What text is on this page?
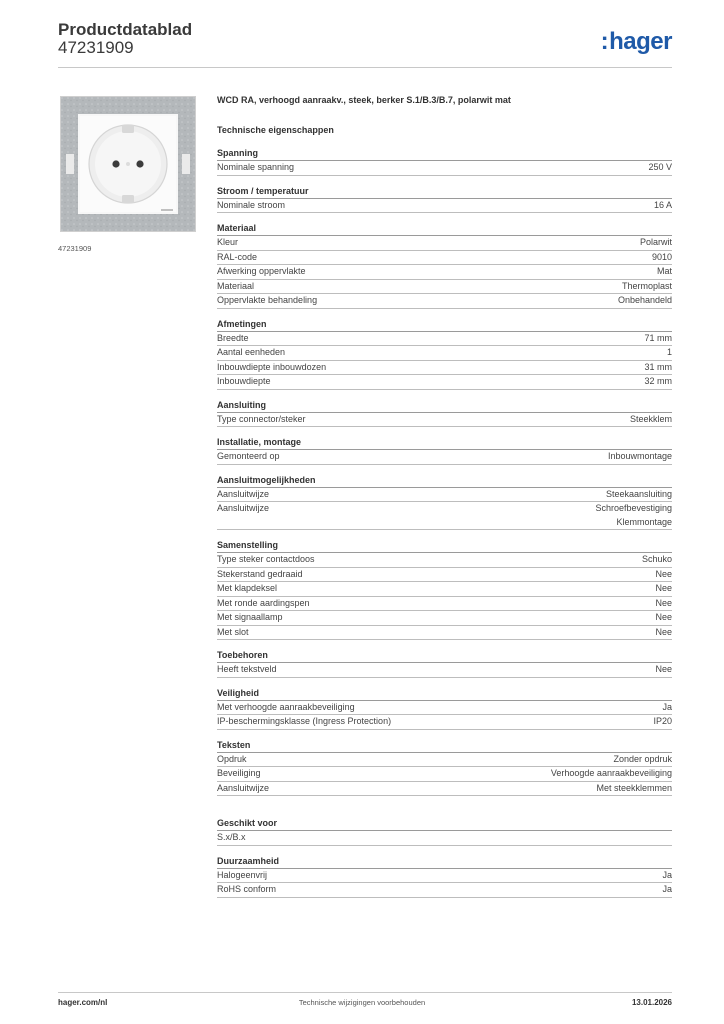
Productdatablad
47231909	:hager
47231909
WCD RA, verhoogd aanraakv., steek, berker S.1/B.3/B.7, polarwit mat
Technische eigenschappen
Spanning
Nominale spanning	250 V
Stroom / temperatuur
Nominale stroom	16 A
Materiaal
Kleur	Polarwit
RAL-code	9010
Afwerking oppervlakte	Mat
Materiaal	Thermoplast
Oppervlakte behandeling	Onbehandeld
Afmetingen
Breedte	71 mm
Aantal eenheden	1
Inbouwdiepte inbouwdozen	31 mm
Inbouwdiepte	32 mm
Aansluiting
Type connector/steker	Steekklem
Installatie, montage
Gemonteerd op	Inbouwmontage
Aansluitmogelijkheden
Aansluitwijze	Steekaansluiting
Aansluitwijze	Schroefbevestiging
Klemmontage
Samenstelling
Type steker contactdoos	Schuko
Stekerstand gedraaid	Nee
Met klapdeksel	Nee
Met ronde aardingspen	Nee
Met signaallamp	Nee
Met slot	Nee
Toebehoren
Heeft tekstveld	Nee
Veiligheid
Met verhoogde aanraakbeveiliging	Ja
IP-beschermingsklasse (Ingress Protection)	IP20
Teksten
Opdruk	Zonder opdruk
Beveiliging	Verhoogde aanraakbeveiliging
Aansluitwijze	Met steekklemmen
Geschikt voor
S.x/B.x
Duurzaamheid
Halogeenvrij	Ja
RoHS conform	Ja
hager.com/nl	Technische wijzigingen voorbehouden	13.01.2026
